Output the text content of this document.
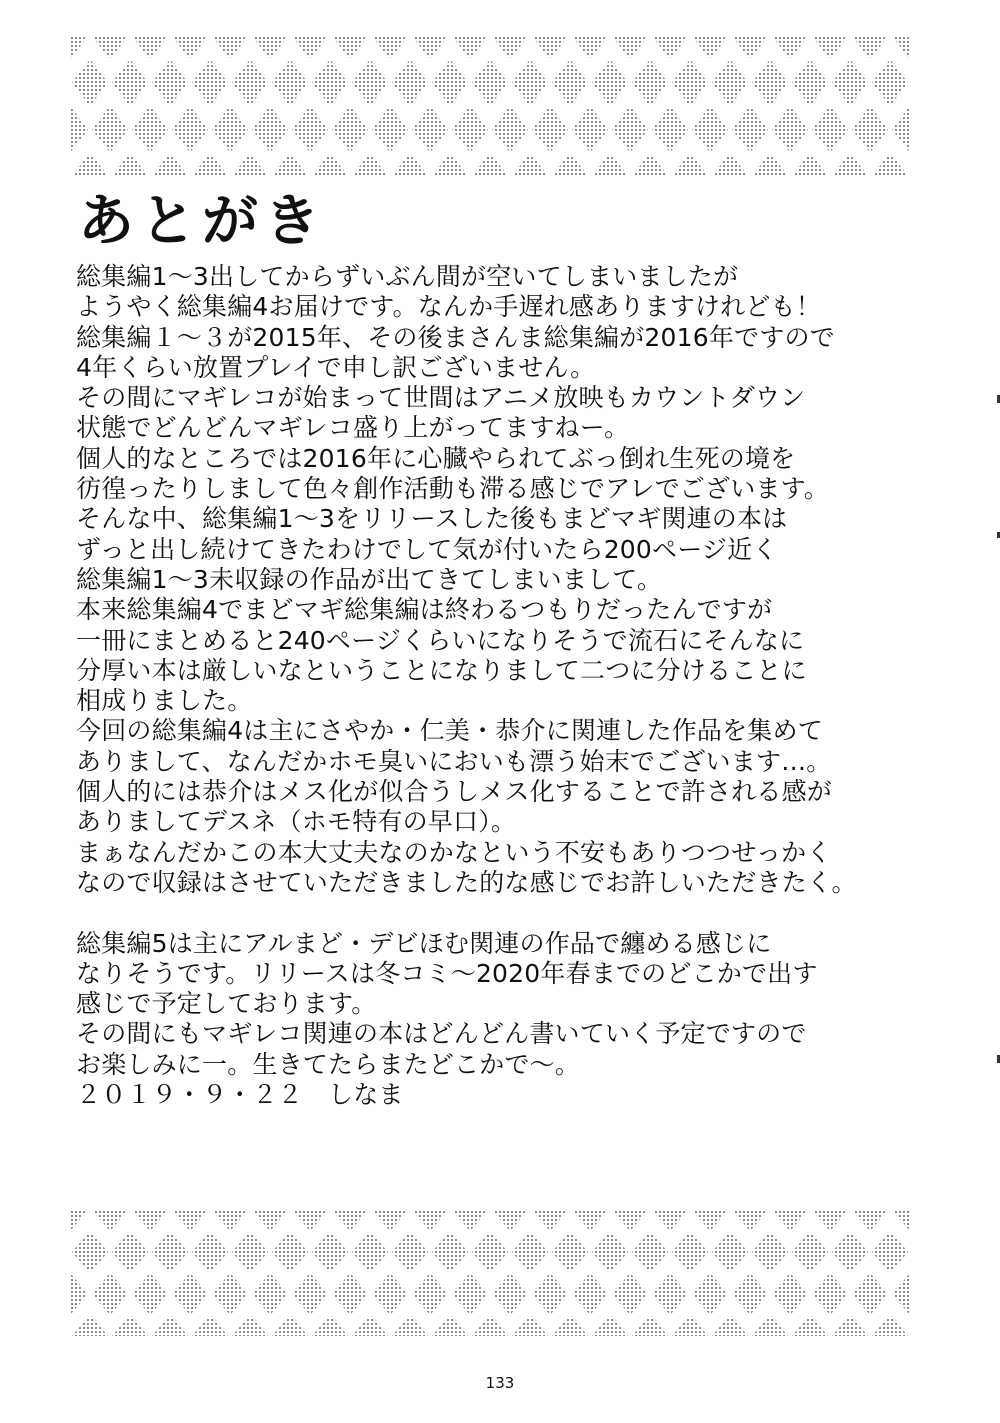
あとがき
総集編1～3出してからずいぶん間が空いてしまいましたが
ようやく総集編4お届けです。なんか手遅れ感ありますけれども！
総集編１～３が2015年、その後まさんま総集編が2016年ですので
4年くらい放置プレイで申し訳ございません。
その間にマギレコが始まって世間はアニメ放映もカウントダウン
状態でどんどんマギレコ盛り上がってますねー。
個人的なところでは2016年に心臓やられてぶっ倒れ生死の境を
彷徨ったりしまして色々創作活動も滞る感じでアレでございます。
そんな中、総集編1～3をリリースした後もまどマギ関連の本は
ずっと出し続けてきたわけでして気が付いたら200ページ近く
総集編1～3未収録の作品が出てきてしまいまして。
本来総集編4でまどマギ総集編は終わるつもりだったんですが
一冊にまとめると240ページくらいになりそうで流石にそんなに
分厚い本は厳しいなということになりまして二つに分けることに
相成りました。
今回の総集編4は主にさやか・仁美・恭介に関連した作品を集めて
ありまして、なんだかホモ臭いにおいも漂う始末でございます…。
個人的には恭介はメス化が似合うしメス化することで許される感が
ありましてデスネ（ホモ特有の早口）。
まぁなんだかこの本大丈夫なのかなという不安もありつつせっかく
なので収録はさせていただきました的な感じでお許しいただきたく。
総集編5は主にアルまど・デビほむ関連の作品で纏める感じに
なりそうです。リリースは冬コミ～2020年春までのどこかで出す
感じで予定しております。
その間にもマギレコ関連の本はどんどん書いていく予定ですので
お楽しみに一。生きてたらまたどこかで～。
２０１９・９・２２　しなま
133
